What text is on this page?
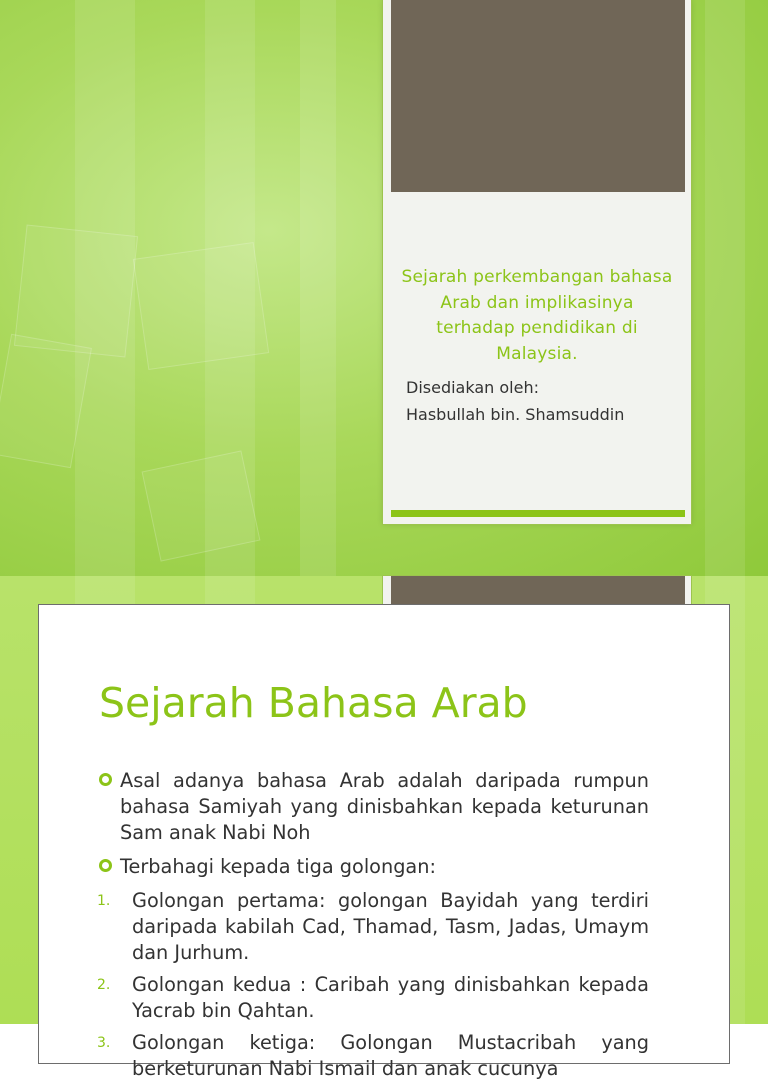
Sejarah perkembangan bahasa Arab dan implikasinya terhadap pendidikan di Malaysia.
Disediakan oleh:
Hasbullah bin. Shamsuddin
Sejarah Bahasa Arab
Asal adanya bahasa Arab adalah daripada rumpun bahasa Samiyah yang dinisbahkan kepada keturunan Sam anak Nabi Noh
Terbahagi kepada tiga golongan:
1. Golongan pertama: golongan Bayidah yang terdiri daripada kabilah Cad, Thamad, Tasm, Jadas, Umaym dan Jurhum.
2. Golongan kedua : Caribah yang dinisbahkan kepada Yacrab bin Qahtan.
3. Golongan ketiga: Golongan Mustacribah yang berketurunan Nabi Ismail dan anak cucunya
